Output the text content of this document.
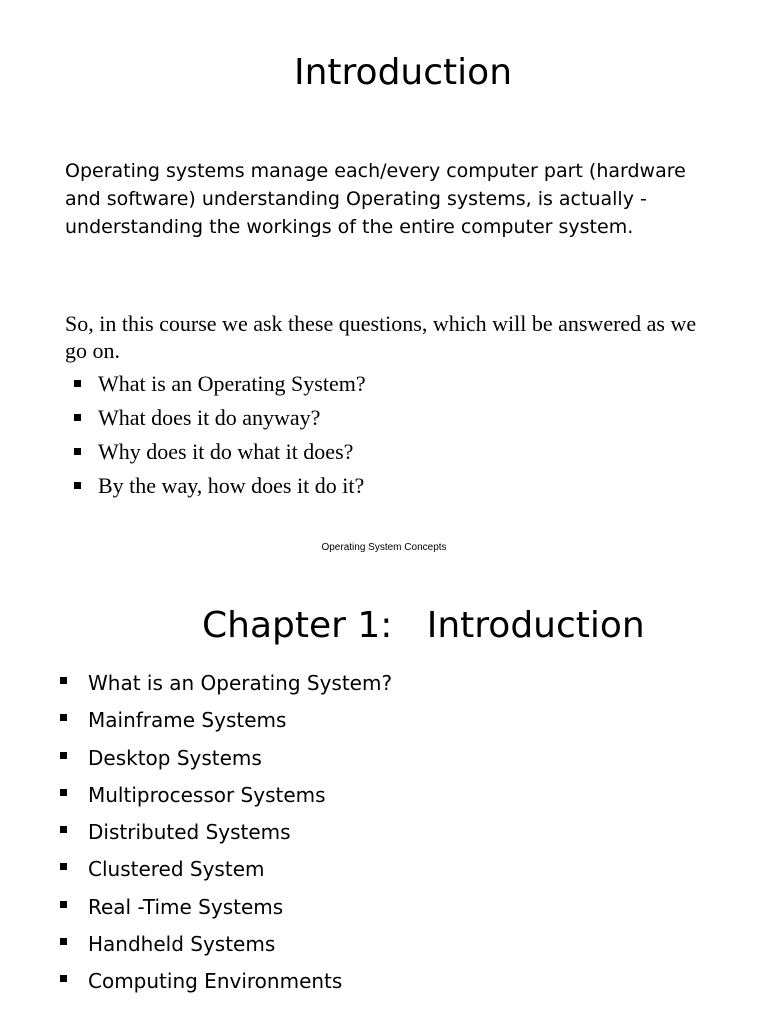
Introduction

Operating systems manage each/every computer part (hardware and software) understanding Operating systems, is actually - understanding the workings of the entire computer system.

So, in this course we ask these questions, which will be answered as we go on.

What is an Operating System?
What does it do anyway?
Why does it do what it does?
By the way, how does it do it?

Operating System Concepts

Chapter 1:   Introduction
What is an Operating System?
Mainframe Systems
Desktop Systems
Multiprocessor Systems
Distributed Systems
Clustered System
Real -Time Systems
Handheld Systems
Computing Environments
